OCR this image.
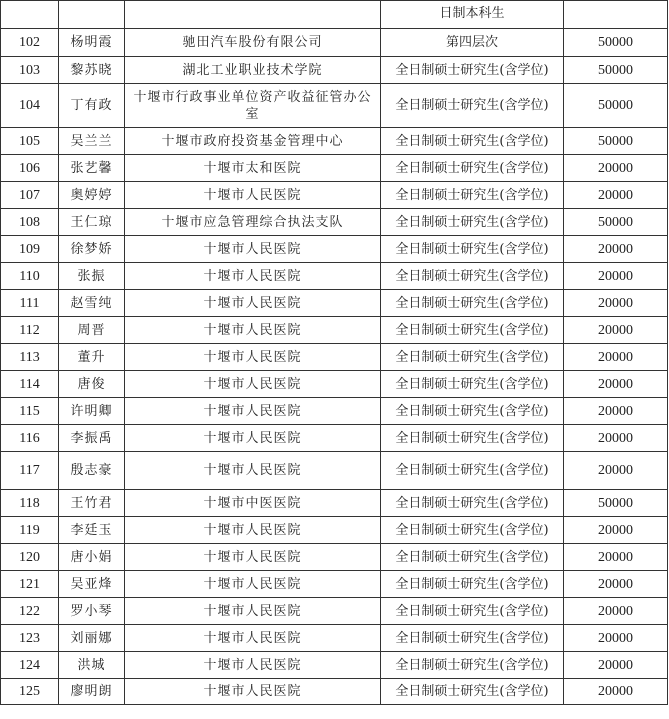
			日制本科生	
102	杨明霞	驰田汽车股份有限公司	第四层次	50000
103	黎苏晓	湖北工业职业技术学院	全日制硕士研究生(含学位)	50000
104	丁有政	十堰市行政事业单位资产收益征管办公室	全日制硕士研究生(含学位)	50000
105	吴兰兰	十堰市政府投资基金管理中心	全日制硕士研究生(含学位)	50000
106	张艺馨	十堰市太和医院	全日制硕士研究生(含学位)	20000
107	奥婷婷	十堰市人民医院	全日制硕士研究生(含学位)	20000
108	王仁琼	十堰市应急管理综合执法支队	全日制硕士研究生(含学位)	50000
109	徐梦娇	十堰市人民医院	全日制硕士研究生(含学位)	20000
110	张振	十堰市人民医院	全日制硕士研究生(含学位)	20000
111	赵雪纯	十堰市人民医院	全日制硕士研究生(含学位)	20000
112	周晋	十堰市人民医院	全日制硕士研究生(含学位)	20000
113	董升	十堰市人民医院	全日制硕士研究生(含学位)	20000
114	唐俊	十堰市人民医院	全日制硕士研究生(含学位)	20000
115	许明卿	十堰市人民医院	全日制硕士研究生(含学位)	20000
116	李振禹	十堰市人民医院	全日制硕士研究生(含学位)	20000
117	殷志豪	十堰市人民医院	全日制硕士研究生(含学位)	20000
118	王竹君	十堰市中医医院	全日制硕士研究生(含学位)	50000
119	李廷玉	十堰市人民医院	全日制硕士研究生(含学位)	20000
120	唐小娟	十堰市人民医院	全日制硕士研究生(含学位)	20000
121	吴亚烽	十堰市人民医院	全日制硕士研究生(含学位)	20000
122	罗小琴	十堰市人民医院	全日制硕士研究生(含学位)	20000
123	刘丽娜	十堰市人民医院	全日制硕士研究生(含学位)	20000
124	洪城	十堰市人民医院	全日制硕士研究生(含学位)	20000
125	廖明朗	十堰市人民医院	全日制硕士研究生(含学位)	20000
